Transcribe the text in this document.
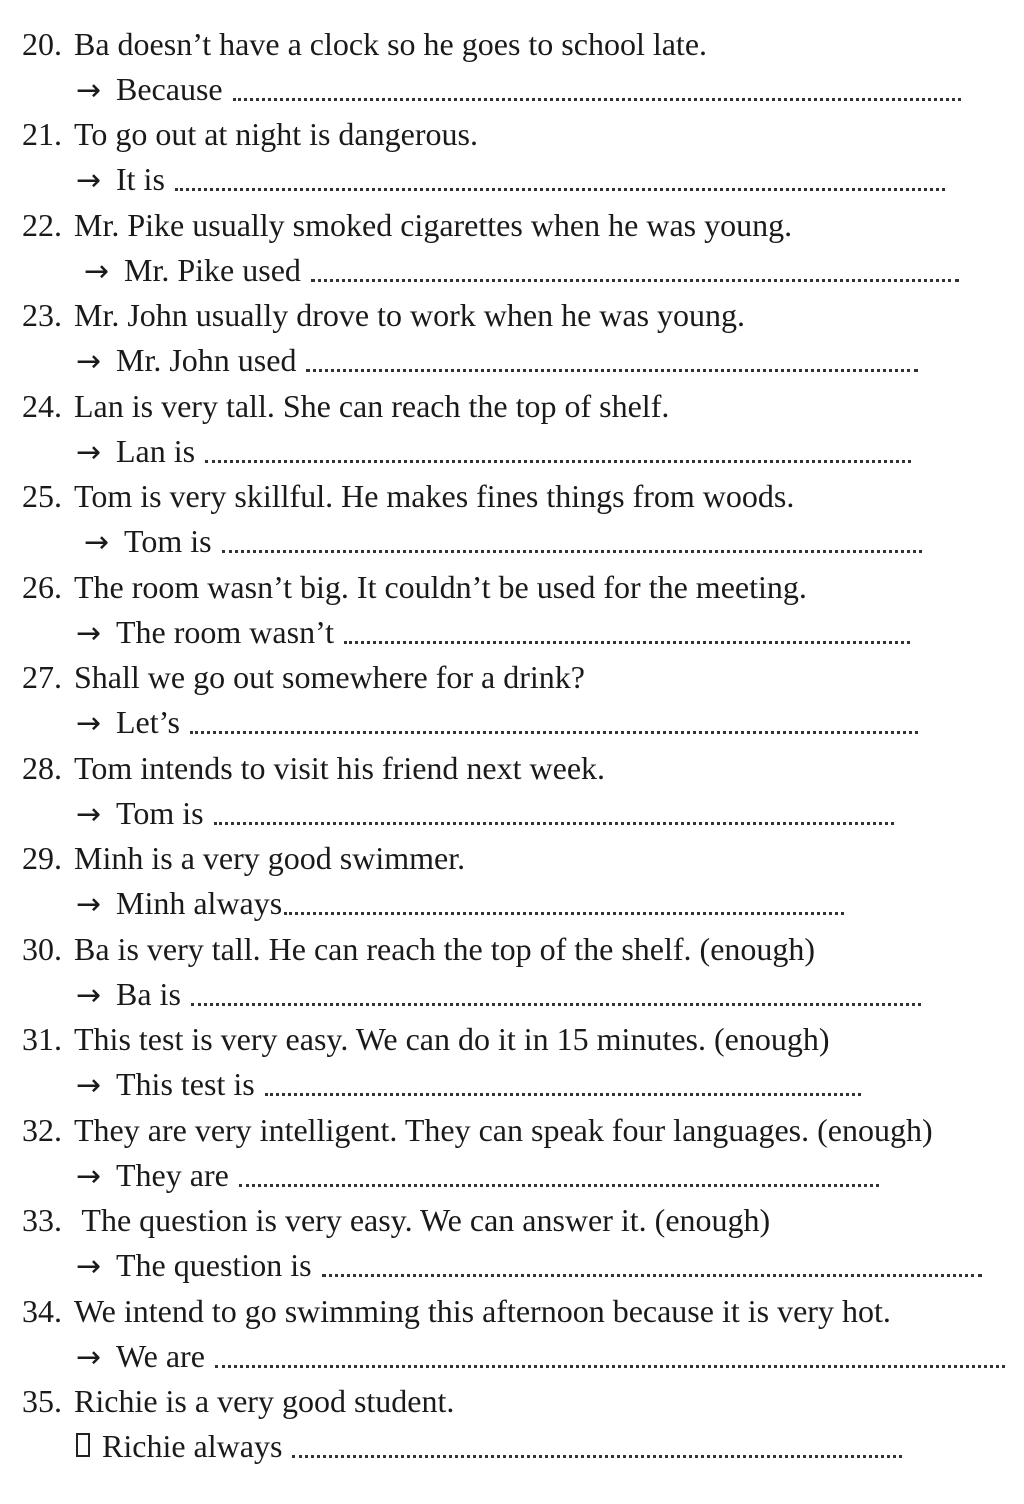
20. Ba doesn’t have a clock so he goes to school late.
→ Because
21. To go out at night is dangerous.
→ It is
22. Mr. Pike usually smoked cigarettes when he was young.
→ Mr. Pike used
23. Mr. John usually drove to work when he was young.
→ Mr. John used
24. Lan is very tall. She can reach the top of shelf.
→ Lan is
25. Tom is very skillful. He makes fines things from woods.
→ Tom is
26. The room wasn’t big. It couldn’t be used for the meeting.
→ The room wasn’t
27. Shall we go out somewhere for a drink?
→ Let’s
28. Tom intends to visit his friend next week.
→ Tom is
29. Minh is a very good swimmer.
→ Minh always
30. Ba is very tall. He can reach the top of the shelf. (enough)
→ Ba is
31. This test is very easy. We can do it in 15 minutes. (enough)
→ This test is
32. They are very intelligent. They can speak four languages. (enough)
→ They are
33. The question is very easy. We can answer it. (enough)
→ The question is
34. We intend to go swimming this afternoon because it is very hot.
→ We are
35. Richie is a very good student.
Richie always
